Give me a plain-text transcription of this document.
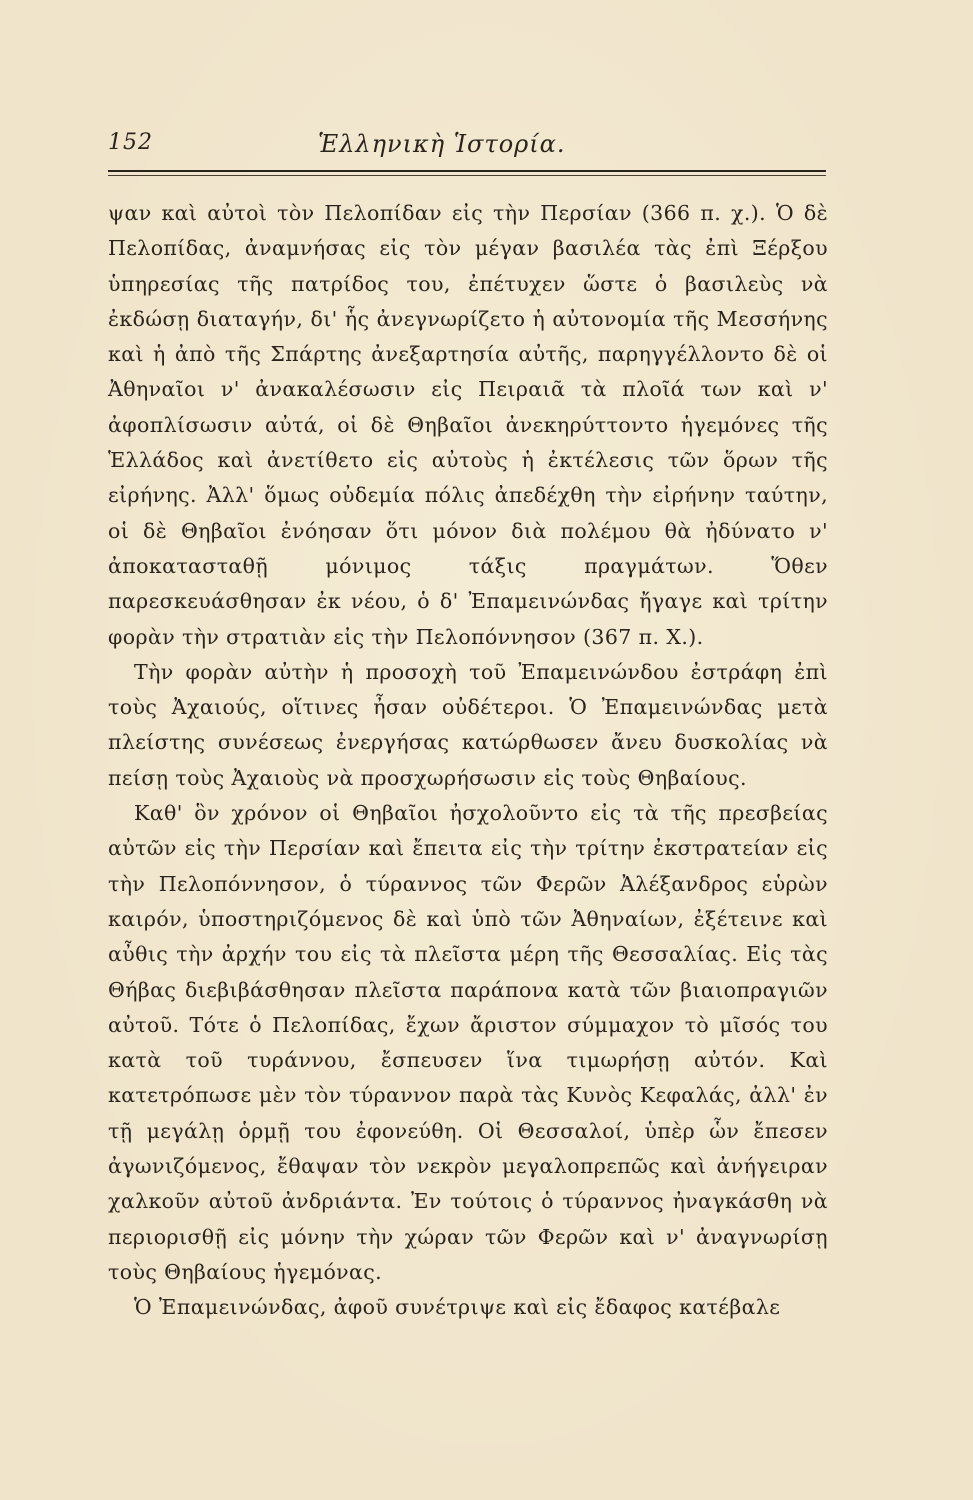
152	Ἑλληνικὴ Ἱστορία.

ψαν καὶ αὐτοὶ τὸν Πελοπίδαν εἰς τὴν Περσίαν (366 π. χ.). Ὁ δὲ Πελοπίδας, ἀναμνήσας εἰς τὸν μέγαν βασιλέα τὰς ἐπὶ Ξέρξου ὑπηρεσίας τῆς πατρίδος του, ἐπέτυχεν ὥστε ὁ βασιλεὺς νὰ ἐκδώσῃ διαταγήν, δι' ἧς ἀνεγνωρίζετο ἡ αὐτονομία τῆς Μεσσήνης καὶ ἡ ἀπὸ τῆς Σπάρτης ἀνεξαρτησία αὐτῆς, παρηγγέλλοντο δὲ οἱ Ἀθηναῖοι ν' ἀνακαλέσωσιν εἰς Πειραιᾶ τὰ πλοῖά των καὶ ν' ἀφοπλίσωσιν αὐτά, οἱ δὲ Θηβαῖοι ἀνεκηρύττοντο ἡγεμόνες τῆς Ἑλλάδος καὶ ἀνετίθετο εἰς αὐτοὺς ἡ ἐκτέλεσις τῶν ὅρων τῆς εἰρήνης. Ἀλλ' ὅμως οὐδεμία πόλις ἀπεδέχθη τὴν εἰρήνην ταύτην, οἱ δὲ Θηβαῖοι ἐνόησαν ὅτι μόνον διὰ πολέμου θὰ ἠδύνατο ν' ἀποκατασταθῇ μόνιμος τάξις πραγμάτων. Ὅθεν παρεσκευάσθησαν ἐκ νέου, ὁ δ' Ἐπαμεινώνδας ἤγαγε καὶ τρίτην φορὰν τὴν στρατιὰν εἰς τὴν Πελοπόννησον (367 π. Χ.).

Τὴν φορὰν αὐτὴν ἡ προσοχὴ τοῦ Ἐπαμεινώνδου ἐστράφη ἐπὶ τοὺς Ἀχαιούς, οἵτινες ἦσαν οὐδέτεροι. Ὁ Ἐπαμεινώνδας μετὰ πλείστης συνέσεως ἐνεργήσας κατώρθωσεν ἄνευ δυσκολίας νὰ πείσῃ τοὺς Ἀχαιοὺς νὰ προσχωρήσωσιν εἰς τοὺς Θηβαίους.

Καθ' ὃν χρόνον οἱ Θηβαῖοι ἠσχολοῦντο εἰς τὰ τῆς πρεσβείας αὐτῶν εἰς τὴν Περσίαν καὶ ἔπειτα εἰς τὴν τρίτην ἐκστρατείαν εἰς τὴν Πελοπόννησον, ὁ τύραννος τῶν Φερῶν Ἀλέξανδρος εὑρὼν καιρόν, ὑποστηριζόμενος δὲ καὶ ὑπὸ τῶν Ἀθηναίων, ἐξέτεινε καὶ αὖθις τὴν ἀρχήν του εἰς τὰ πλεῖστα μέρη τῆς Θεσσαλίας. Εἰς τὰς Θήβας διεβιβάσθησαν πλεῖστα παράπονα κατὰ τῶν βιαιοπραγιῶν αὐτοῦ. Τότε ὁ Πελοπίδας, ἔχων ἄριστον σύμμαχον τὸ μῖσός του κατὰ τοῦ τυράννου, ἔσπευσεν ἵνα τιμωρήσῃ αὐτόν. Καὶ κατετρόπωσε μὲν τὸν τύραννον παρὰ τὰς Κυνὸς Κεφαλάς, ἀλλ' ἐν τῇ μεγάλῃ ὁρμῇ του ἐφονεύθη. Οἱ Θεσσαλοί, ὑπὲρ ὧν ἔπεσεν ἀγωνιζόμενος, ἔθαψαν τὸν νεκρὸν μεγαλοπρεπῶς καὶ ἀνήγειραν χαλκοῦν αὐτοῦ ἀνδριάντα. Ἐν τούτοις ὁ τύραννος ἠναγκάσθη νὰ περιορισθῇ εἰς μόνην τὴν χώραν τῶν Φερῶν καὶ ν' ἀναγνωρίσῃ τοὺς Θηβαίους ἡγεμόνας.

Ὁ Ἐπαμεινώνδας, ἀφοῦ συνέτριψε καὶ εἰς ἔδαφος κατέβαλε
